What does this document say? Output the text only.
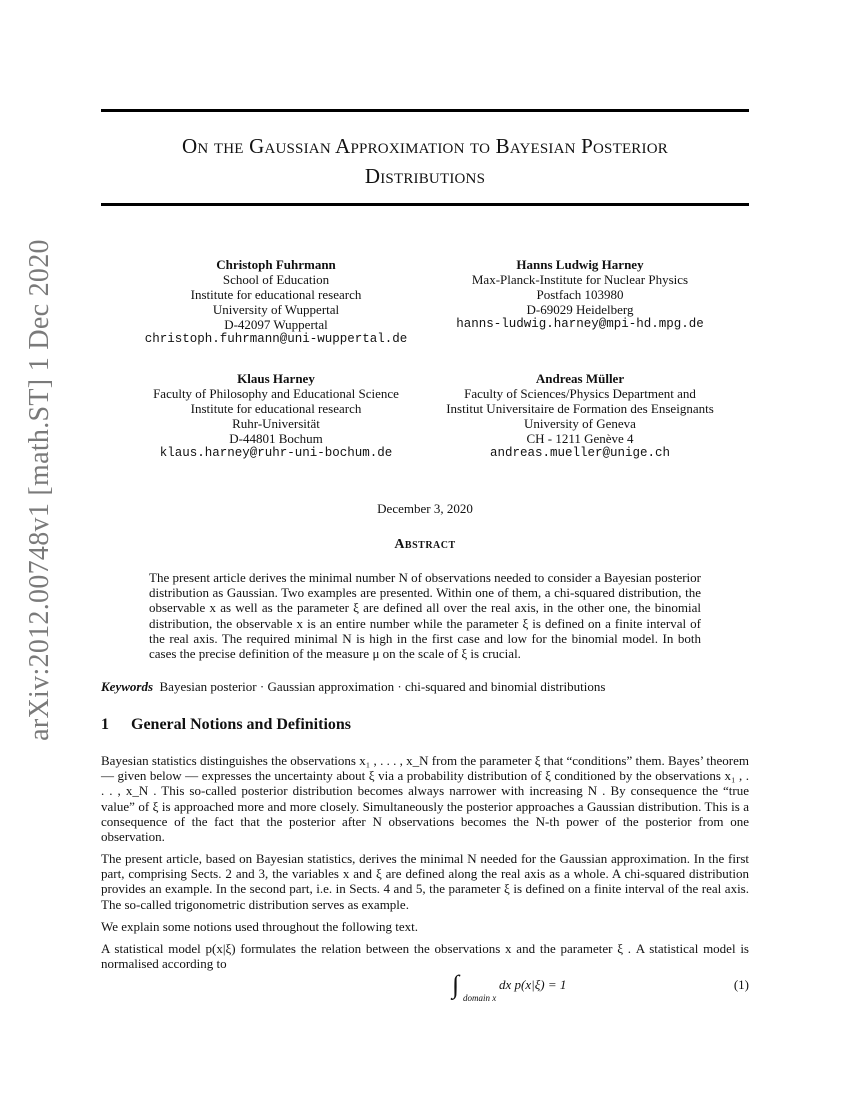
arXiv:2012.00748v1 [math.ST] 1 Dec 2020
On the Gaussian Approximation to Bayesian Posterior
Distributions
Christoph Fuhrmann
School of Education
Institute for educational research
University of Wuppertal
D-42097 Wuppertal
christoph.fuhrmann@uni-wuppertal.de
Hanns Ludwig Harney
Max-Planck-Institute for Nuclear Physics
Postfach 103980
D-69029 Heidelberg
hanns-ludwig.harney@mpi-hd.mpg.de
Klaus Harney
Faculty of Philosophy and Educational Science
Institute for educational research
Ruhr-Universität
D-44801 Bochum
klaus.harney@ruhr-uni-bochum.de
Andreas Müller
Faculty of Sciences/Physics Department and
Institut Universitaire de Formation des Enseignants
University of Geneva
CH - 1211 Genève 4
andreas.mueller@unige.ch
December 3, 2020
Abstract
The present article derives the minimal number N of observations needed to consider a Bayesian posterior distribution as Gaussian. Two examples are presented. Within one of them, a chi-squared distribution, the observable x as well as the parameter ξ are defined all over the real axis, in the other one, the binomial distribution, the observable x is an entire number while the parameter ξ is defined on a finite interval of the real axis. The required minimal N is high in the first case and low for the binomial model. In both cases the precise definition of the measure μ on the scale of ξ is crucial.
Keywords Bayesian posterior · Gaussian approximation · chi-squared and binomial distributions
1 General Notions and Definitions
Bayesian statistics distinguishes the observations x₁ , . . . , x_N from the parameter ξ that “conditions” them. Bayes’ theorem — given below — expresses the uncertainty about ξ via a probability distribution of ξ conditioned by the observations x₁ , . . . , x_N . This so-called posterior distribution becomes always narrower with increasing N . By consequence the “true value” of ξ is approached more and more closely. Simultaneously the posterior approaches a Gaussian distribution. This is a consequence of the fact that the posterior after N observations becomes the N-th power of the posterior from one observation.
The present article, based on Bayesian statistics, derives the minimal N needed for the Gaussian approximation. In the first part, comprising Sects. 2 and 3, the variables x and ξ are defined along the real axis as a whole. A chi-squared distribution provides an example. In the second part, i.e. in Sects. 4 and 5, the parameter ξ is defined on a finite interval of the real axis. The so-called trigonometric distribution serves as example.
We explain some notions used throughout the following text.
A statistical model p(x|ξ) formulates the relation between the observations x and the parameter ξ . A statistical model is normalised according to
∫ domain x
dx p(x|ξ) = 1	(1)
